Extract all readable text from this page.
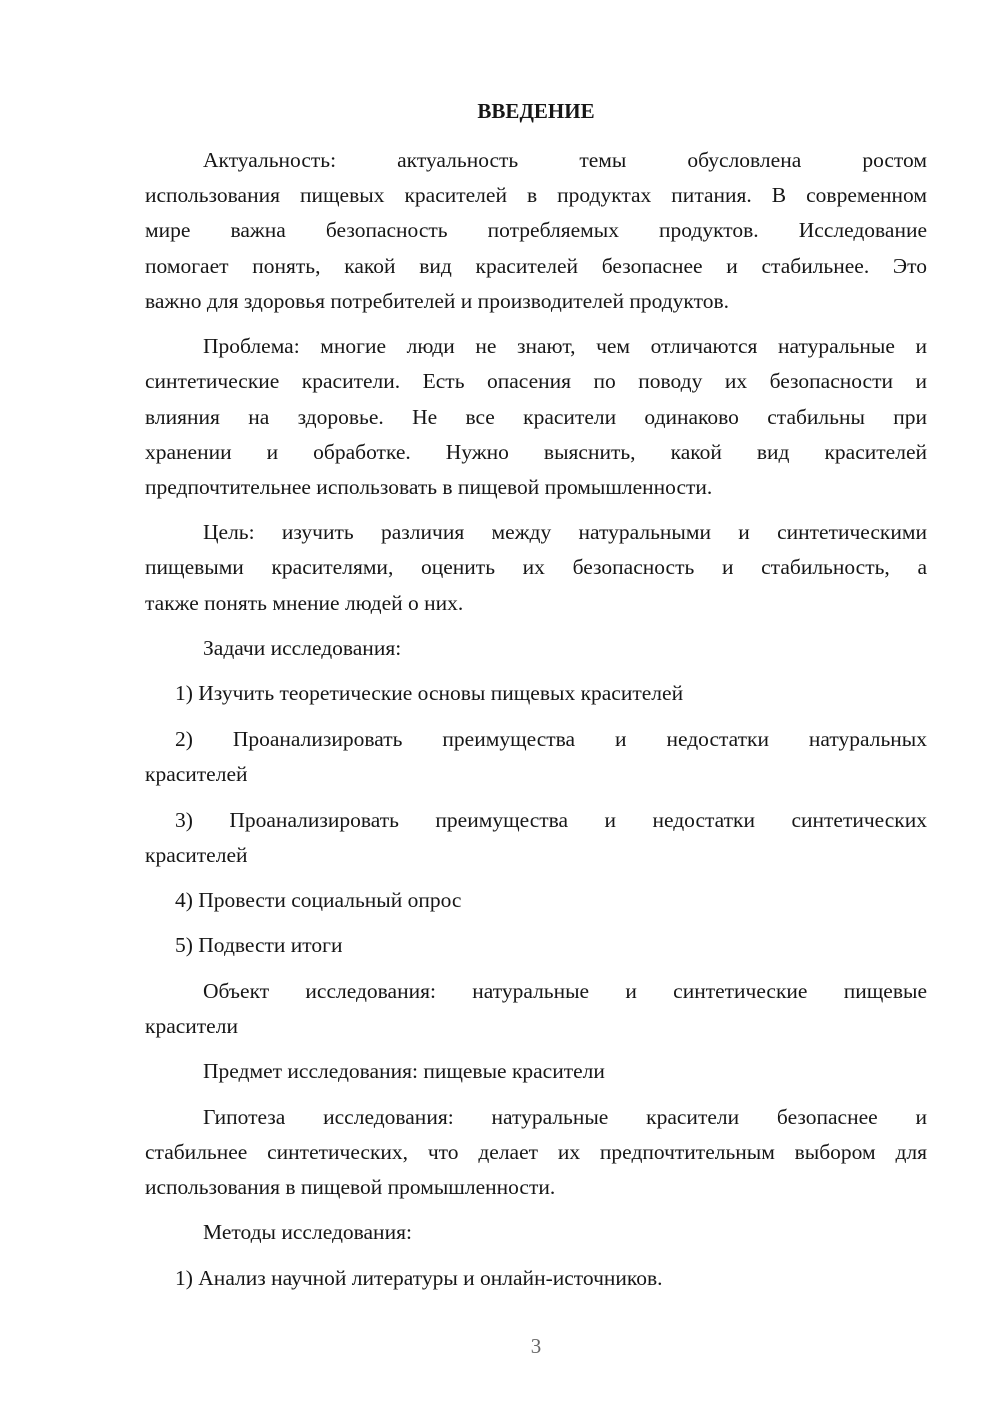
ВВЕДЕНИЕ

Актуальность: актуальность темы обусловлена ростом

использования пищевых красителей в продуктах питания. В современном

мире важна безопасность потребляемых продуктов. Исследование

помогает понять, какой вид красителей безопаснее и стабильнее. Это

важно для здоровья потребителей и производителей продуктов.

Проблема: многие люди не знают, чем отличаются натуральные и

синтетические красители. Есть опасения по поводу их безопасности и

влияния на здоровье. Не все красители одинаково стабильны при

хранении и обработке. Нужно выяснить, какой вид красителей

предпочтительнее использовать в пищевой промышленности.

Цель: изучить различия между натуральными и синтетическими

пищевыми красителями, оценить их безопасность и стабильность, а

также понять мнение людей о них.

Задачи исследования:

1) Изучить теоретические основы пищевых красителей

2) Проанализировать преимущества и недостатки натуральных

красителей

3) Проанализировать преимущества и недостатки синтетических

красителей

4) Провести социальный опрос

5) Подвести итоги

Объект исследования: натуральные и синтетические пищевые

красители

Предмет исследования: пищевые красители

Гипотеза исследования: натуральные красители безопаснее и

стабильнее синтетических, что делает их предпочтительным выбором для

использования в пищевой промышленности.

Методы исследования:

1) Анализ научной литературы и онлайн-источников.

3
